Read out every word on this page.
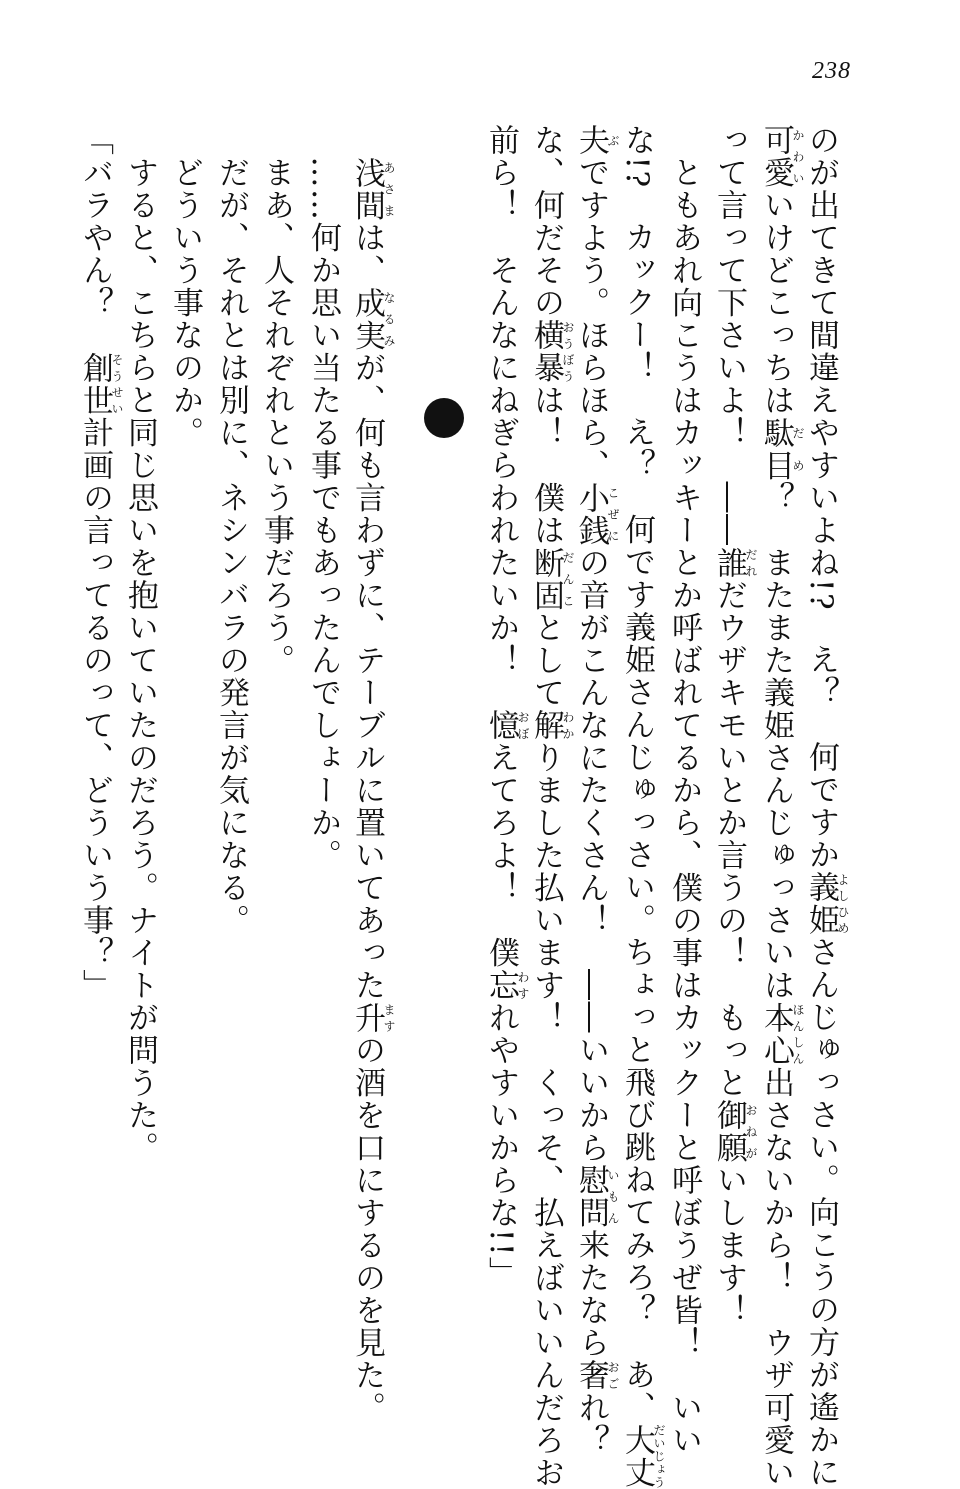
238
のが出てきて間違えやすいよね!?　え？　何ですか義姫よしひめさんじゅっさい。向こうの方が遙かに
可愛かわいいけどこっちは駄目だめ？　またまた義姫さんじゅっさいは本心ほんしん出さないから！　ウザ可愛い
って言って下さいよ！　――誰だれだウザキモいとか言うの！　もっと御願おねがいします！
　ともあれ向こうはカッキーとか呼ばれてるから、僕の事はカックーと呼ぼうぜ皆！　いい
な!?　カックー！　え？　何です義姫さんじゅっさい。ちょっと飛び跳ねてみろ？　あ、大丈だいじょう
夫ぶですよう。ほらほら、小銭こぜにの音がこんなにたくさん！　――いいから慰問いもん来たなら奢おごれ？
な、何だその横暴おうぼうは！　僕は断固だんことして解わかりました払います！　くっそ、払えばいいんだろお
前ら！　そんなにねぎらわれたいか！　憶おぼえてろよ！　僕忘わすれやすいからな!!」
　浅間あさまは、成実なるみが、何も言わずに、テーブルに置いてあった升ますの酒を口にするのを見た。
　……何か思い当たる事でもあったんでしょーか。
　まあ、人それぞれという事だろう。
　だが、それとは別に、ネシンバラの発言が気になる。
　どういう事なのか。
　すると、こちらと同じ思いを抱いていたのだろう。ナイトが問うた。
「バラやん？　創世そうせい計画の言ってるのって、どういう事？」
